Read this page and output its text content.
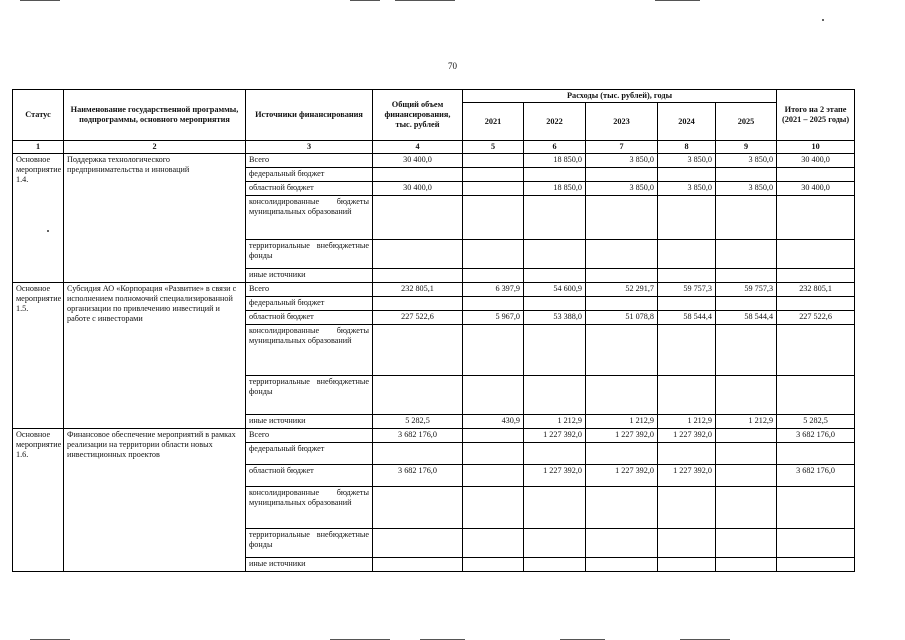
70
Статус	Наименование государственной программы, подпрограммы, основного мероприятия	Источники финансирования	Общий объем финансирования, тыс. рублей	Расходы (тыс. рублей), годы					Итого на 2 этапе (2021 – 2025 годы)
				2021	2022	2023	2024	2025	
1	2	3	4	5	6	7	8	9	10
Основное мероприятие 1.4.	Поддержка технологического предпринимательства и инноваций	Всего	30 400,0		18 850,0	3 850,0	3 850,0	3 850,0	30 400,0
		федеральный бюджет							
		областной бюджет	30 400,0		18 850,0	3 850,0	3 850,0	3 850,0	30 400,0
		консолидированные бюджеты муниципальных образований							
		территориальные внебюджетные фонды							
		иные источники							
Основное мероприятие 1.5.	Субсидия АО «Корпорация «Развитие» в связи с исполнением полномочий специализированной организации по привлечению инвестиций и работе с инвесторами	Всего	232 805,1	6 397,9	54 600,9	52 291,7	59 757,3	59 757,3	232 805,1
		федеральный бюджет							
		областной бюджет	227 522,6	5 967,0	53 388,0	51 078,8	58 544,4	58 544,4	227 522,6
		консолидированные бюджеты муниципальных образований							
		территориальные внебюджетные фонды							
		иные источники	5 282,5	430,9	1 212,9	1 212,9	1 212,9	1 212,9	5 282,5
Основное мероприятие 1.6.	Финансовое обеспечение мероприятий в рамках реализации на территории области новых инвестиционных проектов	Всего	3 682 176,0		1 227 392,0	1 227 392,0	1 227 392,0		3 682 176,0
		федеральный бюджет							
		областной бюджет	3 682 176,0		1 227 392,0	1 227 392,0	1 227 392,0		3 682 176,0
		консолидированные бюджеты муниципальных образований							
		территориальные внебюджетные фонды							
		иные источники							
